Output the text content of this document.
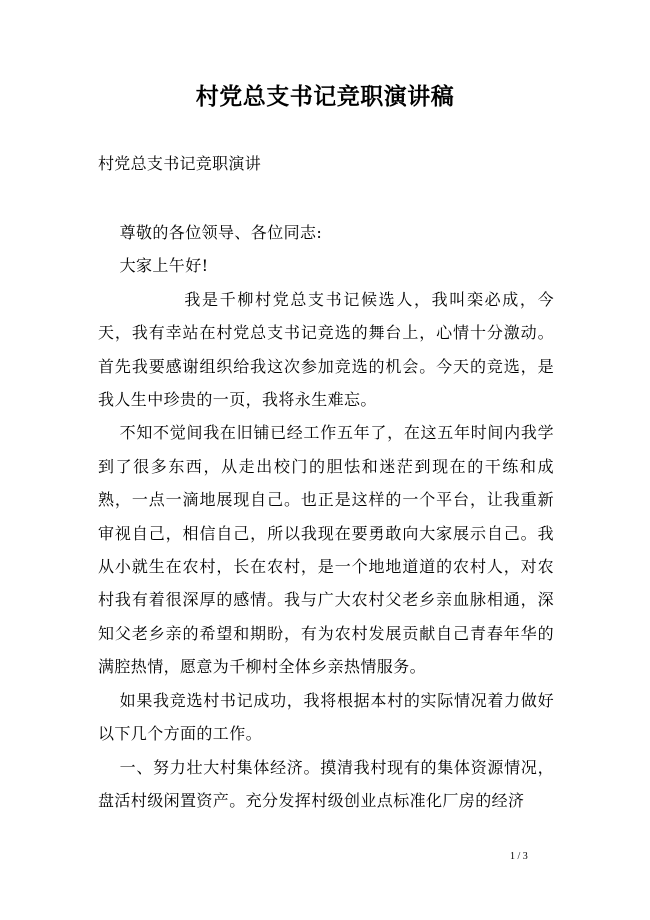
村党总支书记竞职演讲稿
村党总支书记竞职演讲

尊敬的各位领导、各位同志:

大家上午好!

我是千柳村党总支书记候选人，我叫栾必成，今天，我有幸站在村党总支书记竞选的舞台上，心情十分激动。首先我要感谢组织给我这次参加竞选的机会。今天的竞选，是我人生中珍贵的一页，我将永生难忘。

不知不觉间我在旧铺已经工作五年了，在这五年时间内我学到了很多东西，从走出校门的胆怯和迷茫到现在的干练和成熟，一点一滴地展现自己。也正是这样的一个平台，让我重新审视自己，相信自己，所以我现在要勇敢向大家展示自己。我从小就生在农村，长在农村，是一个地地道道的农村人，对农村我有着很深厚的感情。我与广大农村父老乡亲血脉相通，深知父老乡亲的希望和期盼，有为农村发展贡献自己青春年华的满腔热情，愿意为千柳村全体乡亲热情服务。

如果我竞选村书记成功，我将根据本村的实际情况着力做好以下几个方面的工作。

一、努力壮大村集体经济。摸清我村现有的集体资源情况，盘活村级闲置资产。充分发挥村级创业点标准化厂房的经济

1 / 3
